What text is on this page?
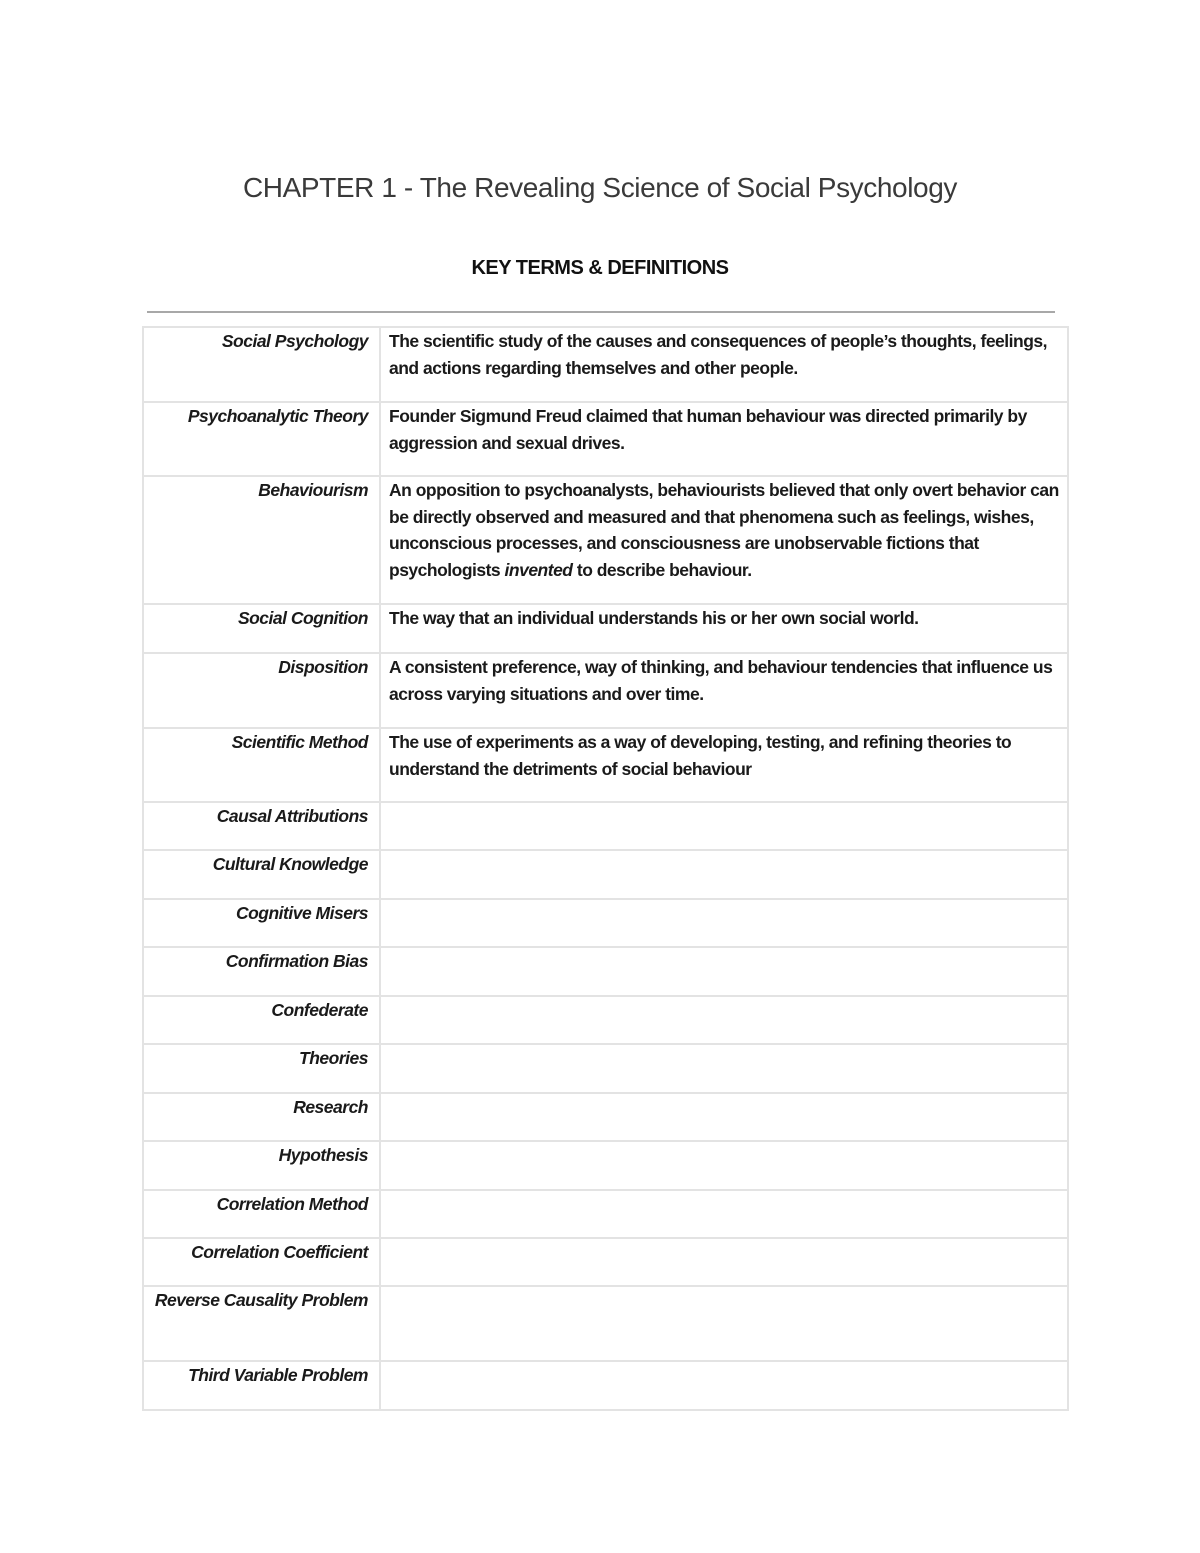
CHAPTER 1 - The Revealing Science of Social Psychology
KEY TERMS & DEFINITIONS
Social Psychology	The scientific study of the causes and consequences of people’s thoughts, feelings, and actions regarding themselves and other people.
Psychoanalytic Theory	Founder Sigmund Freud claimed that human behaviour was directed primarily by aggression and sexual drives.
Behaviourism	An opposition to psychoanalysts, behaviourists believed that only overt behavior can be directly observed and measured and that phenomena such as feelings, wishes, unconscious processes, and consciousness are unobservable fictions that psychologists invented to describe behaviour.
Social Cognition	The way that an individual understands his or her own social world.
Disposition	A consistent preference, way of thinking, and behaviour tendencies that influence us across varying situations and over time.
Scientific Method	The use of experiments as a way of developing, testing, and refining theories to understand the detriments of social behaviour
Causal Attributions	
Cultural Knowledge	
Cognitive Misers	
Confirmation Bias	
Confederate	
Theories	
Research	
Hypothesis	
Correlation Method	
Correlation Coefficient	
Reverse Causality Problem	
Third Variable Problem	
